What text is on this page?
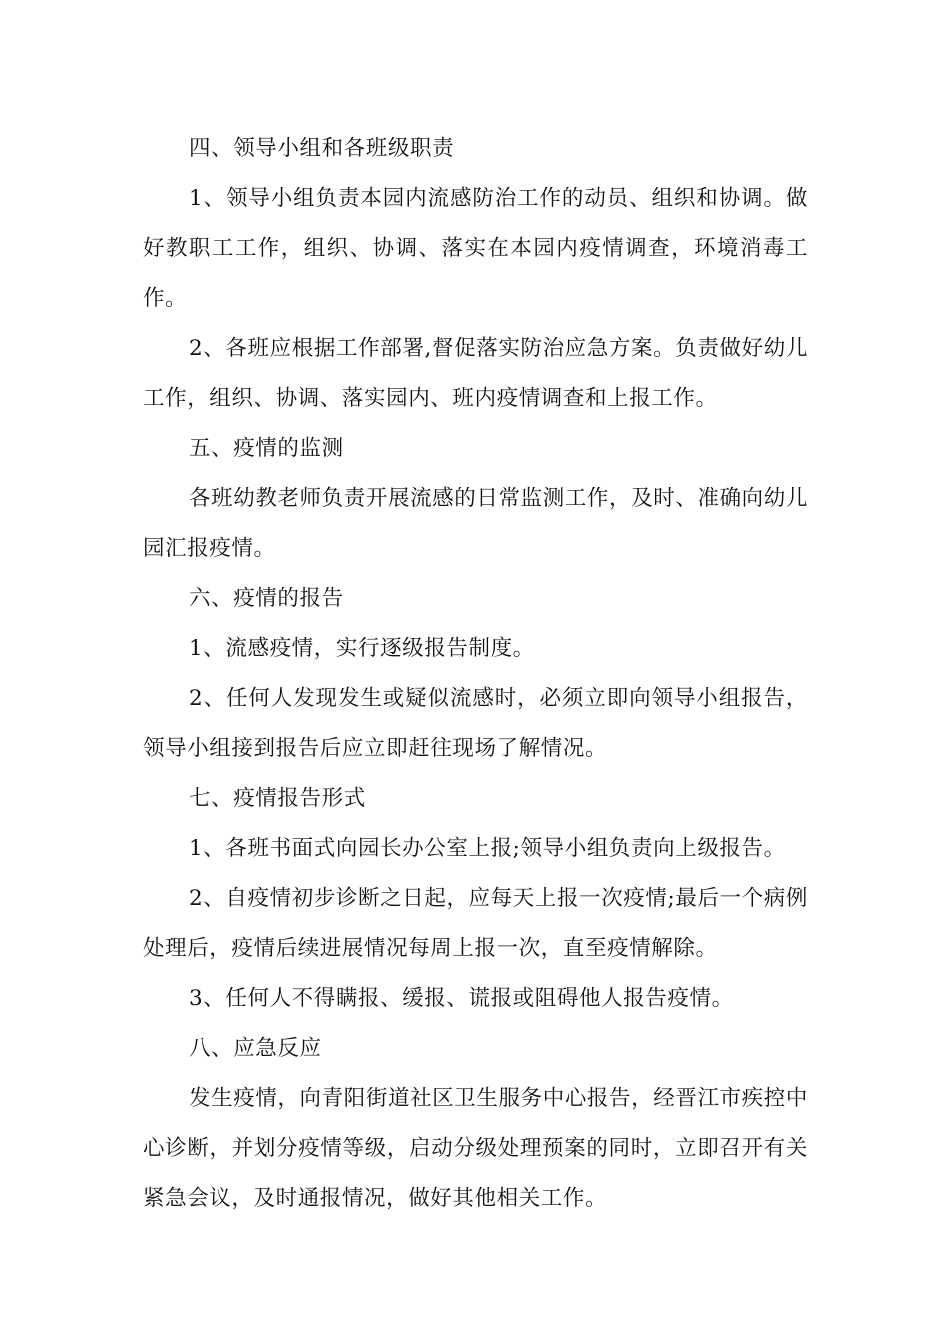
四、领导小组和各班级职责

1、领导小组负责本园内流感防治工作的动员、组织和协调。做好教职工工作，组织、协调、落实在本园内疫情调查，环境消毒工作。

2、各班应根据工作部署,督促落实防治应急方案。负责做好幼儿工作，组织、协调、落实园内、班内疫情调查和上报工作。

五、疫情的监测

各班幼教老师负责开展流感的日常监测工作，及时、准确向幼儿园汇报疫情。

六、疫情的报告

1、流感疫情，实行逐级报告制度。

2、任何人发现发生或疑似流感时，必须立即向领导小组报告，领导小组接到报告后应立即赶往现场了解情况。

七、疫情报告形式

1、各班书面式向园长办公室上报;领导小组负责向上级报告。

2、自疫情初步诊断之日起，应每天上报一次疫情;最后一个病例处理后，疫情后续进展情况每周上报一次，直至疫情解除。

3、任何人不得瞒报、缓报、谎报或阻碍他人报告疫情。

八、应急反应

发生疫情，向青阳街道社区卫生服务中心报告，经晋江市疾控中心诊断，并划分疫情等级，启动分级处理预案的同时，立即召开有关紧急会议，及时通报情况，做好其他相关工作。
